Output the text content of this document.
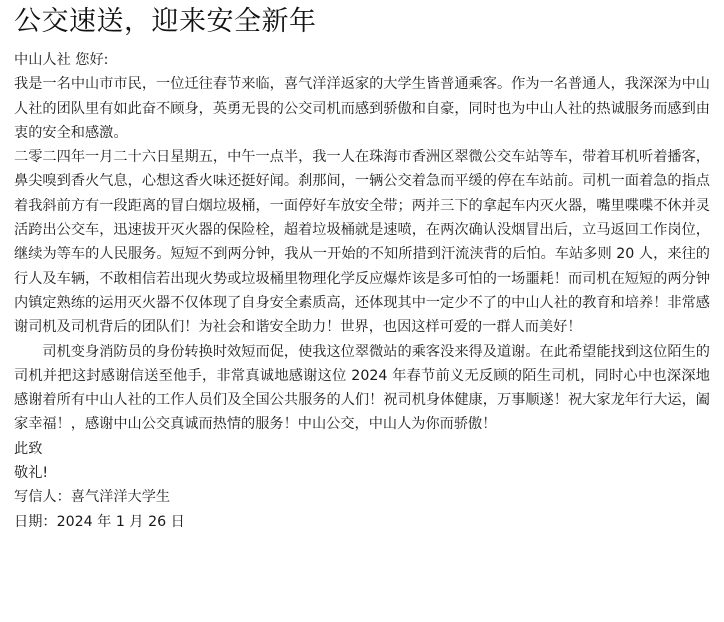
公交速送，迎来安全新年

中山人社 您好:

我是一名中山市市民，一位迁往春节来临，喜气洋洋返家的大学生皆普通乘客。作为一名普通人，我深深为中山人社的团队里有如此奋不顾身，英勇无畏的公交司机而感到骄傲和自豪，同时也为中山人社的热诚服务而感到由衷的安全和感激。

二零二四年一月二十六日星期五，中午一点半，我一人在珠海市香洲区翠微公交车站等车，带着耳机听着播客，鼻尖嗅到香火气息，心想这香火味还挺好闻。刹那间，一辆公交着急而平缓的停在车站前。司机一面着急的指点着我斜前方有一段距离的冒白烟垃圾桶，一面停好车放安全带；两并三下的拿起车内灭火器，嘴里喋喋不休并灵活跨出公交车，迅速拔开灭火器的保险栓，超着垃圾桶就是速喷，在两次确认没烟冒出后，立马返回工作岗位，继续为等车的人民服务。短短不到两分钟，我从一开始的不知所措到汗流浃背的后怕。车站多则 20 人，来往的行人及车辆，不敢相信若出现火势或垃圾桶里物理化学反应爆炸该是多可怕的一场噩耗！而司机在短短的两分钟内镇定熟练的运用灭火器不仅体现了自身安全素质高，还体现其中一定少不了的中山人社的教育和培养！非常感谢司机及司机背后的团队们！为社会和谐安全助力！世界，也因这样可爱的一群人而美好！

司机变身消防员的身份转换时效短而促，使我这位翠微站的乘客没来得及道谢。在此希望能找到这位陌生的司机并把这封感谢信送至他手，非常真诚地感谢这位 2024 年春节前义无反顾的陌生司机，同时心中也深深地感谢着所有中山人社的工作人员们及全国公共服务的人们！祝司机身体健康，万事顺遂！祝大家龙年行大运，阖家幸福！，感谢中山公交真诚而热情的服务！中山公交，中山人为你而骄傲！

此致

敬礼!

写信人：喜气洋洋大学生

日期：2024 年 1 月 26 日
